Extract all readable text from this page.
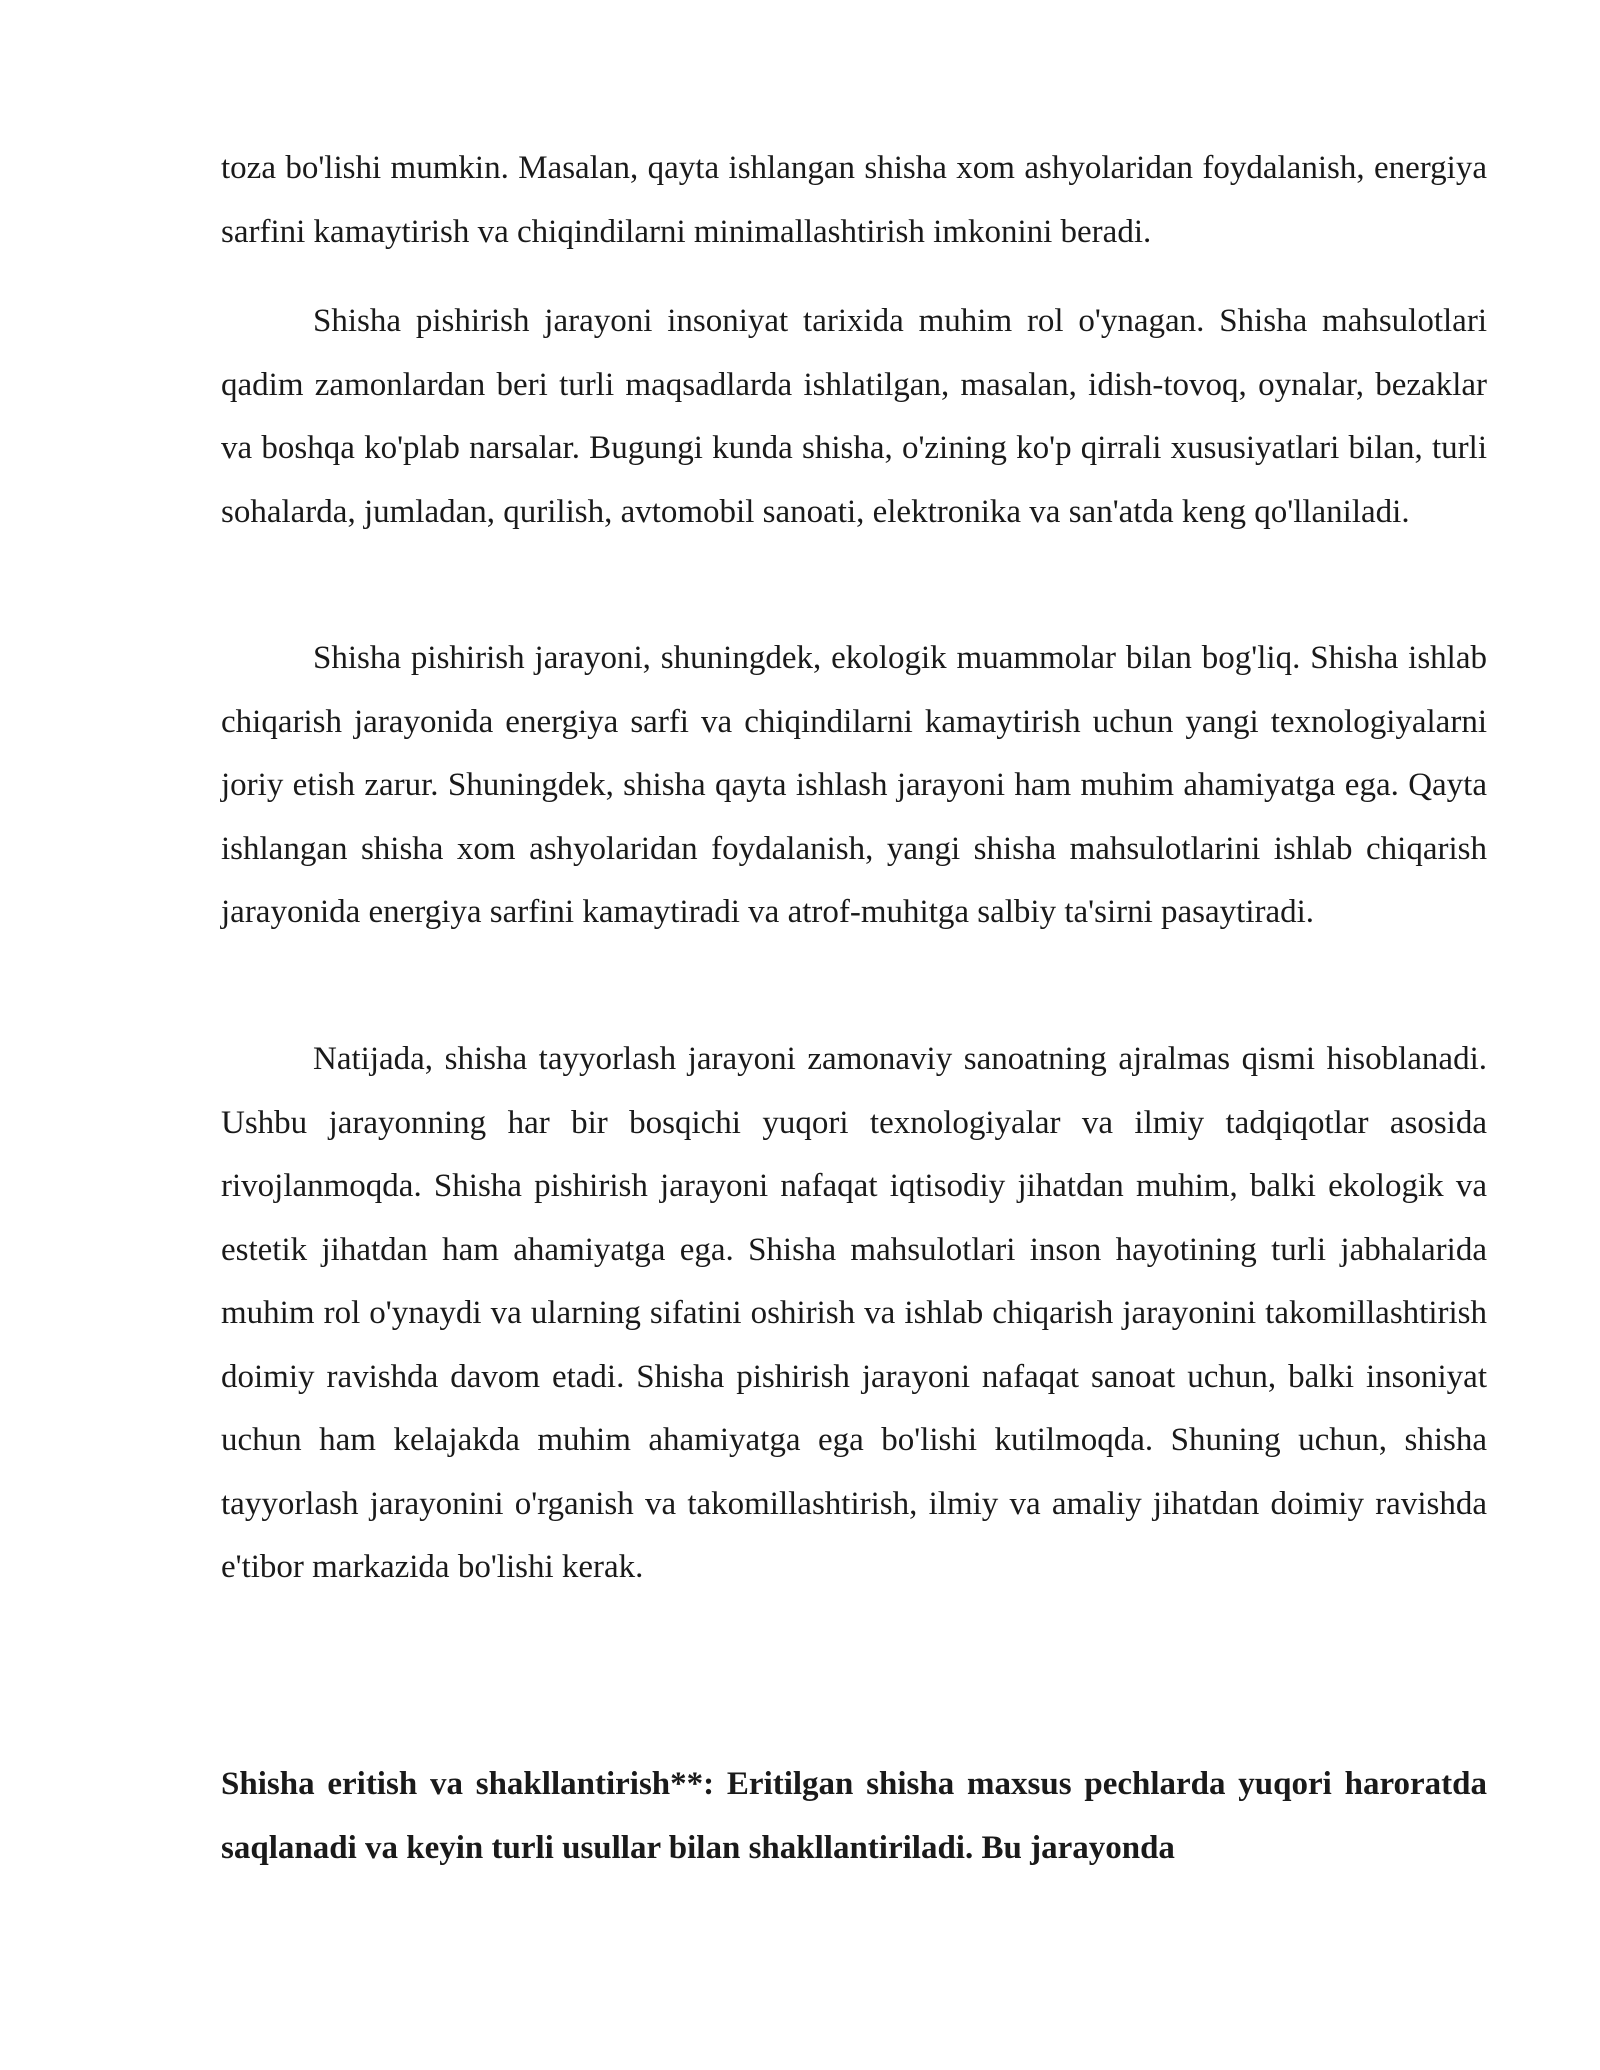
toza bo'lishi mumkin. Masalan, qayta ishlangan shisha xom ashyolaridan foydalanish, energiya sarfini kamaytirish va chiqindilarni minimallashtirish imkonini beradi.

Shisha pishirish jarayoni insoniyat tarixida muhim rol o'ynagan. Shisha mahsulotlari qadim zamonlardan beri turli maqsadlarda ishlatilgan, masalan, idish-tovoq, oynalar, bezaklar va boshqa ko'plab narsalar. Bugungi kunda shisha, o'zining ko'p qirrali xususiyatlari bilan, turli sohalarda, jumladan, qurilish, avtomobil sanoati, elektronika va san'atda keng qo'llaniladi.

Shisha pishirish jarayoni, shuningdek, ekologik muammolar bilan bog'liq. Shisha ishlab chiqarish jarayonida energiya sarfi va chiqindilarni kamaytirish uchun yangi texnologiyalarni joriy etish zarur. Shuningdek, shisha qayta ishlash jarayoni ham muhim ahamiyatga ega. Qayta ishlangan shisha xom ashyolaridan foydalanish, yangi shisha mahsulotlarini ishlab chiqarish jarayonida energiya sarfini kamaytiradi va atrof-muhitga salbiy ta'sirni pasaytiradi.

Natijada, shisha tayyorlash jarayoni zamonaviy sanoatning ajralmas qismi hisoblanadi. Ushbu jarayonning har bir bosqichi yuqori texnologiyalar va ilmiy tadqiqotlar asosida rivojlanmoqda. Shisha pishirish jarayoni nafaqat iqtisodiy jihatdan muhim, balki ekologik va estetik jihatdan ham ahamiyatga ega. Shisha mahsulotlari inson hayotining turli jabhalarida muhim rol o'ynaydi va ularning sifatini oshirish va ishlab chiqarish jarayonini takomillashtirish doimiy ravishda davom etadi. Shisha pishirish jarayoni nafaqat sanoat uchun, balki insoniyat uchun ham kelajakda muhim ahamiyatga ega bo'lishi kutilmoqda. Shuning uchun, shisha tayyorlash jarayonini o'rganish va takomillashtirish, ilmiy va amaliy jihatdan doimiy ravishda e'tibor markazida bo'lishi kerak.

Shisha eritish va shakllantirish**: Eritilgan shisha maxsus pechlarda yuqori haroratda saqlanadi va keyin turli usullar bilan shakllantiriladi. Bu jarayonda
